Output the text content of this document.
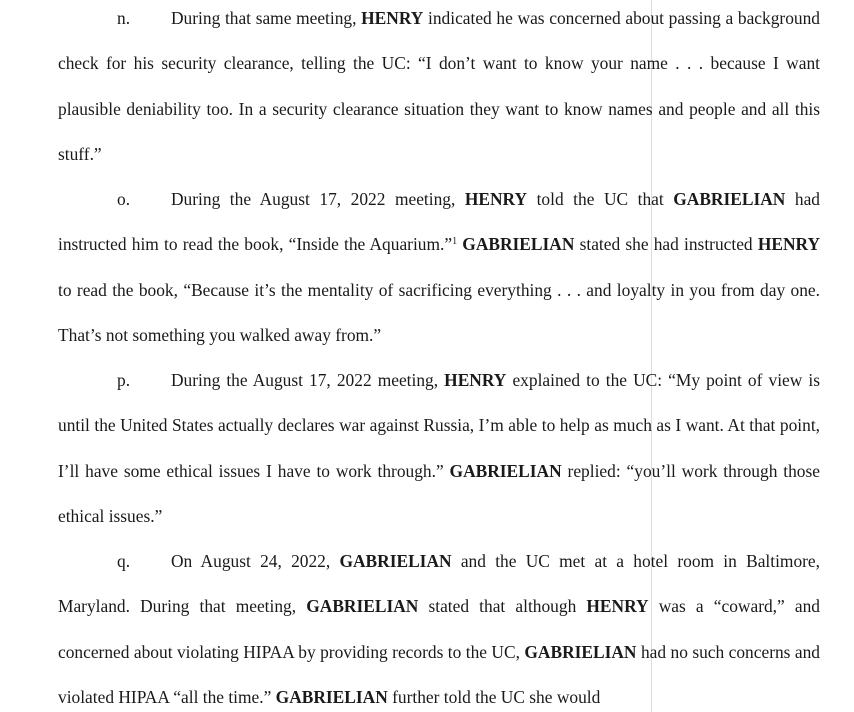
n. During that same meeting, HENRY indicated he was concerned about passing a background check for his security clearance, telling the UC: “I don’t want to know your name . . . because I want plausible deniability too. In a security clearance situation they want to know names and people and all this stuff.”

o. During the August 17, 2022 meeting, HENRY told the UC that GABRIELIAN had instructed him to read the book, “Inside the Aquarium.”$^1$ GABRIELIAN stated she had instructed HENRY to read the book, “Because it’s the mentality of sacrificing everything . . . and loyalty in you from day one. That’s not something you walked away from.”

p. During the August 17, 2022 meeting, HENRY explained to the UC: “My point of view is until the United States actually declares war against Russia, I’m able to help as much as I want. At that point, I’ll have some ethical issues I have to work through.” GABRIELIAN replied: “you’ll work through those ethical issues.”

q. On August 24, 2022, GABRIELIAN and the UC met at a hotel room in Baltimore, Maryland. During that meeting, GABRIELIAN stated that although HENRY was a “coward,” and concerned about violating HIPAA by providing records to the UC, GABRIELIAN had no such concerns and violated HIPAA “all the time.” GABRIELIAN further told the UC she would
